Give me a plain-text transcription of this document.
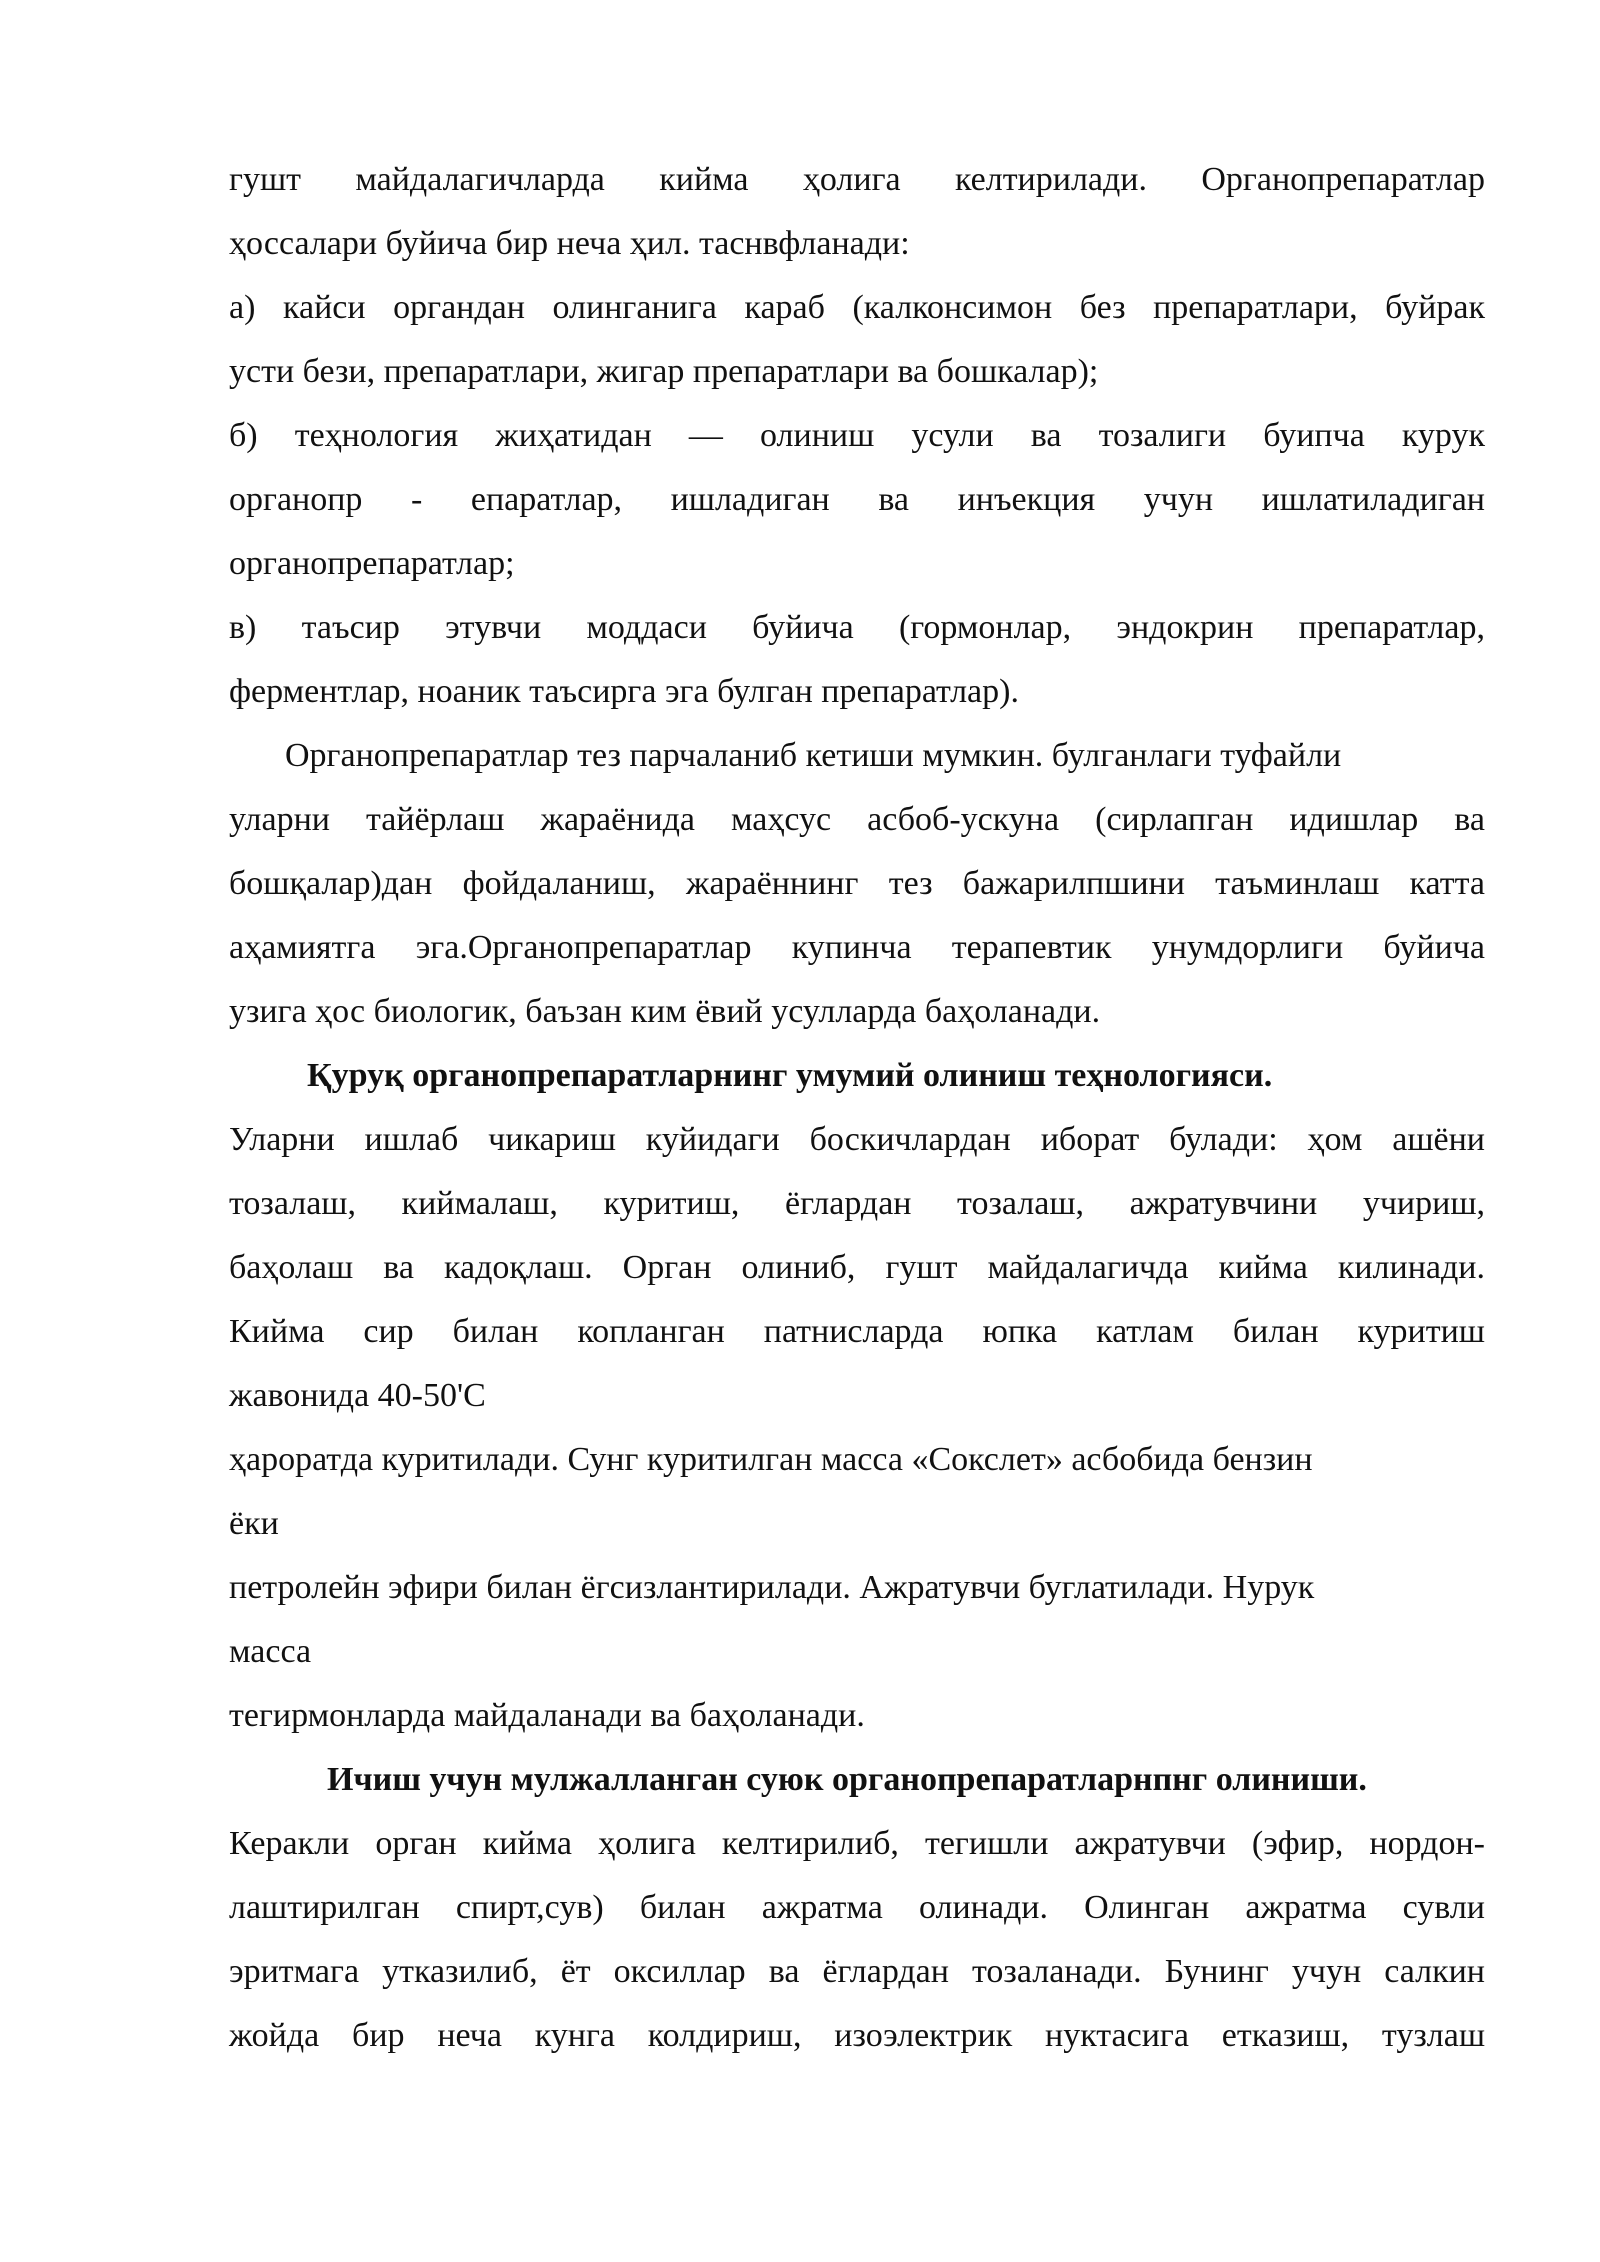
гушт майдалагичларда кийма ҳолига келтирилади. Органопрепаратлар
ҳоссалари буйича бир неча ҳил. таснвфланади:
а) кайси органдан олинганига караб (калконсимон без препаратлари, буйрак
усти бези, препаратлари, жигар препаратлари ва бошкалар);
б) теҳнология жиҳатидан — олиниш усули ва тозалиги буипча курук
органопр - епаратлар, ишладиган ва инъекция учун ишлатиладиган
органопрепаратлар;
в) таъсир этувчи моддаси буйича (гормонлар, эндокрин препаратлар,
ферментлар, ноаник таъсирга эга булган препаратлар).
Органопрепаратлар тез парчаланиб кетиши мумкин. булганлаги туфайли
уларни тайёрлаш жараёнида маҳсус асбоб-ускуна (сирлапган идишлар ва
бошқалар)дан фойдаланиш, жараённинг тез бажарилпшини таъминлаш катта
аҳамиятга эга.Органопрепаратлар купинча терапевтик унумдорлиги буйича
узига ҳос биологик, баъзан ким ёвий усулларда баҳоланади.
Қуруқ органопрепаратларнинг умумий олиниш теҳнологияси.
Уларни ишлаб чикариш куйидаги боскичлардан иборат булади: ҳом ашёни
тозалаш, киймалаш, куритиш, ёглардан тозалаш, ажратувчини учириш,
баҳолаш ва кадоқлаш. Орган олиниб, гушт майдалагичда кийма килинади.
Кийма сир билан копланган патнисларда юпка катлам билан куритиш
жавонида 40-50'С
ҳароратда куритилади. Сунг куритилган масса «Сокслет» асбобида бензин
ёки
петролейн эфири билан ёгсизлантирилади. Ажратувчи буглатилади. Нурук
масса
тегирмонларда майдаланади ва баҳоланади.
Ичиш учун мулжалланган суюк органопрепаратларнпнг олиниши.
Керакли орган кийма ҳолига келтирилиб, тегишли ажратувчи (эфир, нордон-
лаштирилган спирт,сув) билан ажратма олинади. Олинган ажратма сувли
эритмага утказилиб, ёт оксиллар ва ёглардан тозаланади. Бунинг учун салкин
жойда бир неча кунга колдириш, изоэлектрик нуктасига етказиш, тузлаш
